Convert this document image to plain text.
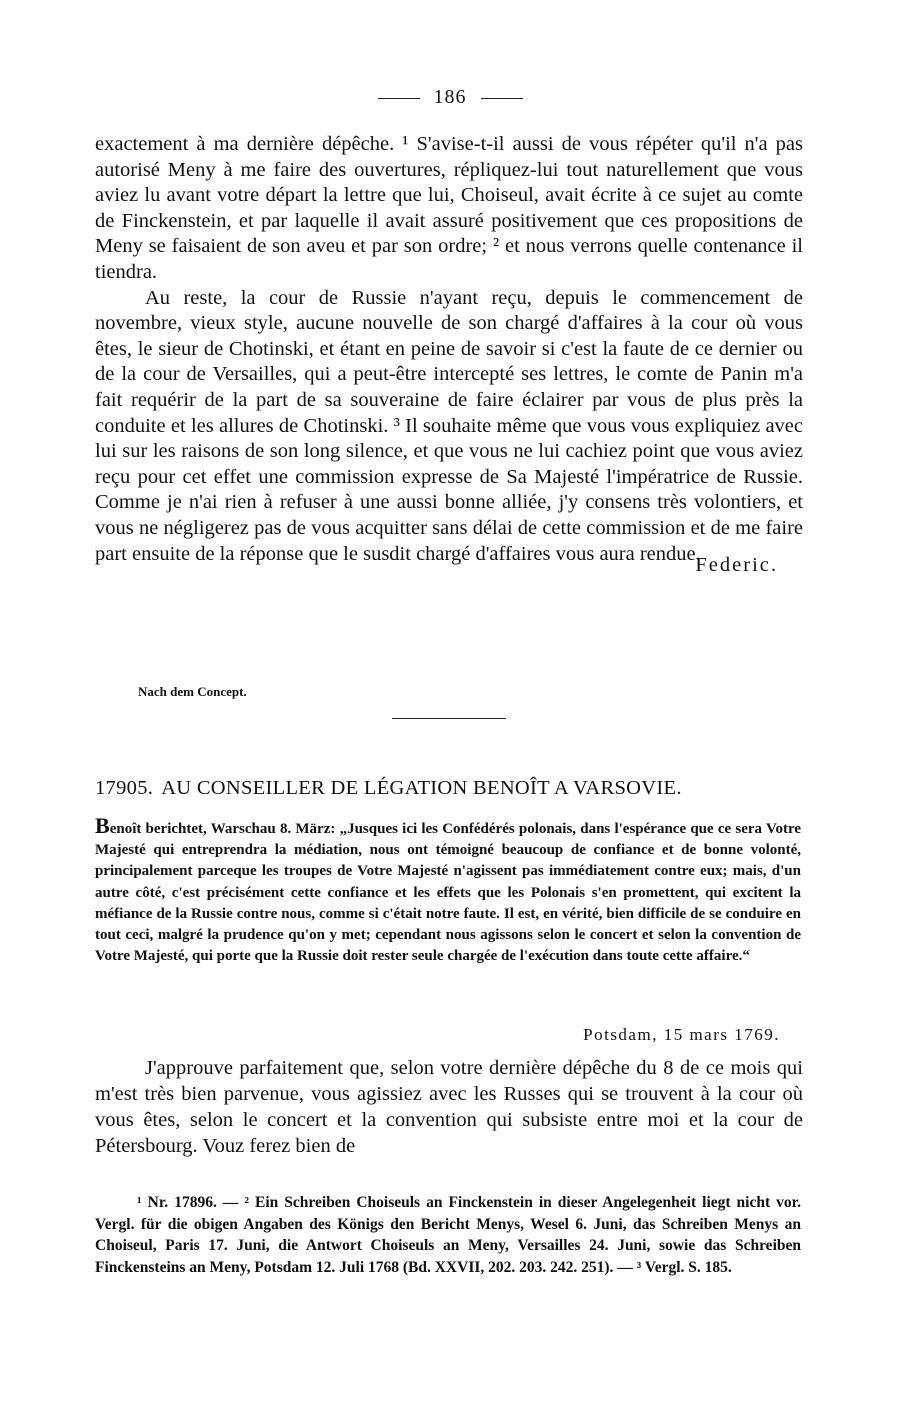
186

exactement à ma dernière dépêche. ¹ S'avise-t-il aussi de vous répéter qu'il n'a pas autorisé Meny à me faire des ouvertures, répliquez-lui tout naturellement que vous aviez lu avant votre départ la lettre que lui, Choiseul, avait écrite à ce sujet au comte de Finckenstein, et par laquelle il avait assuré positivement que ces propositions de Meny se faisaient de son aveu et par son ordre; ² et nous verrons quelle contenance il tiendra.

Au reste, la cour de Russie n'ayant reçu, depuis le commencement de novembre, vieux style, aucune nouvelle de son chargé d'affaires à la cour où vous êtes, le sieur de Chotinski, et étant en peine de savoir si c'est la faute de ce dernier ou de la cour de Versailles, qui a peut-être intercepté ses lettres, le comte de Panin m'a fait requérir de la part de sa souveraine de faire éclairer par vous de plus près la conduite et les allures de Chotinski. ³ Il souhaite même que vous vous expliquiez avec lui sur les raisons de son long silence, et que vous ne lui cachiez point que vous aviez reçu pour cet effet une commission expresse de Sa Majesté l'impératrice de Russie. Comme je n'ai rien à refuser à une aussi bonne alliée, j'y consens très volontiers, et vous ne négligerez pas de vous acquitter sans délai de cette commission et de me faire part ensuite de la réponse que le susdit chargé d'affaires vous aura rendue.

Federic.

Nach dem Concept.
17905. AU CONSEILLER DE LÉGATION BENOÎT A VARSOVIE.
Benoît berichtet, Warschau 8. März: „Jusques ici les Confédérés polonais, dans l'espérance que ce sera Votre Majesté qui entreprendra la médiation, nous ont témoigné beaucoup de confiance et de bonne volonté, principalement parceque les troupes de Votre Majesté n'agissent pas immédiatement contre eux; mais, d'un autre côté, c'est précisément cette confiance et les effets que les Polonais s'en promettent, qui excitent la méfiance de la Russie contre nous, comme si c'était notre faute. Il est, en vérité, bien difficile de se conduire en tout ceci, malgré la prudence qu'on y met; cependant nous agissons selon le concert et selon la convention de Votre Majesté, qui porte que la Russie doit rester seule chargée de l'exécution dans toute cette affaire.“
Potsdam, 15 mars 1769.

J'approuve parfaitement que, selon votre dernière dépêche du 8 de ce mois qui m'est très bien parvenue, vous agissiez avec les Russes qui se trouvent à la cour où vous êtes, selon le concert et la convention qui subsiste entre moi et la cour de Pétersbourg. Vouz ferez bien de

¹ Nr. 17896. — ² Ein Schreiben Choiseuls an Finckenstein in dieser Angelegenheit liegt nicht vor. Vergl. für die obigen Angaben des Königs den Bericht Menys, Wesel 6. Juni, das Schreiben Menys an Choiseul, Paris 17. Juni, die Antwort Choiseuls an Meny, Versailles 24. Juni, sowie das Schreiben Finckensteins an Meny, Potsdam 12. Juli 1768 (Bd. XXVII, 202. 203. 242. 251). — ³ Vergl. S. 185.
